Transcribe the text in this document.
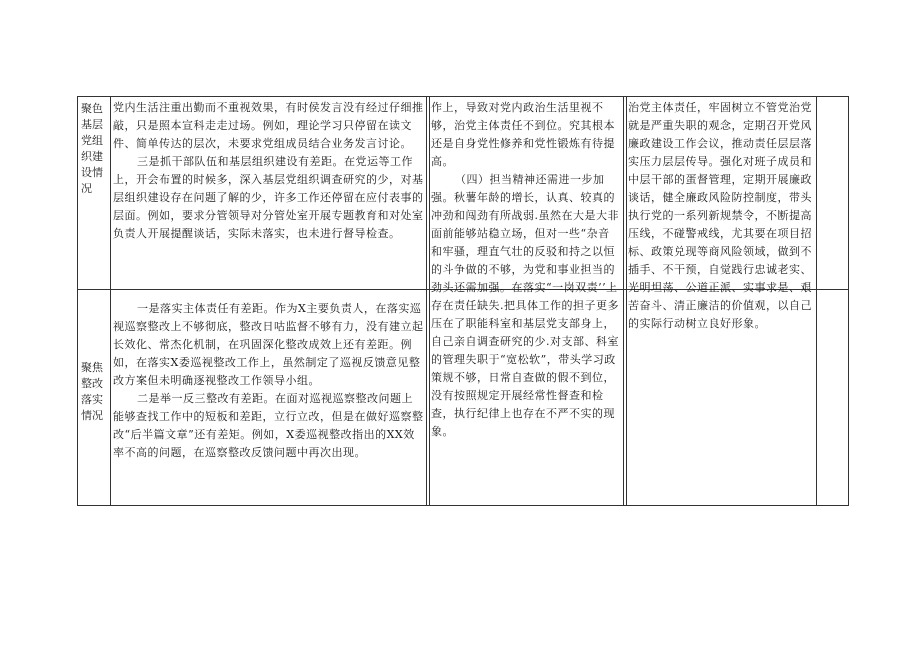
聚色基层党组织建设情况

党内生活注重出勤而不重视效果，有时侯发言没有经过仔细推敲，只是照本宣科走走过场。例如，理论学习只停留在读文件、简单传达的层次，未要求党组成员结合业务发言讨论。

三是抓干部队伍和基层组织建设有差距。在党运等工作上，开会布置的时候多，深入基层党组织调查研究的少，对基层组织建设存在问题了解的少，许多工作还停留在应付表事的层面。例如，要求分管领导对分管处室开展专题教育和对处室负责人开展提醒谈话，实际未落实，也未进行督导检查。

作上，导致对党内政治生活里视不够，治党主体责任不到位。究其根本还是自身党性修养和党性锻炼有待提高。

（四）担当精神还需进一步加强。秋薯年龄的增长，认真、较真的冲劲和闯劲有所战弱.虽然在大是大非面前能够站稳立场，但对一些“杂音和牢骚，理直气壮的反驳和持之以恒的斗争做的不够，为党和事业担当的劲头还需加强。在落实“一岗双责’’上存在责任缺失.把具体工作的担子更多压在了职能科室和基层党支部身上，自己亲自调查研究的少.对支部、科室的管理失职于“宽松软”，带头学习政策规不够，日常自查做的假不到位，没有按照规定开展经常性督查和检查，执行纪律上也存在不严不实的现象。

治党主体责任，牢固树立不管党治党就是严重失职的观念，定期召开党风廉政建设工作会议，推动责任层层落实压力层层传导。强化对班子成员和中层干部的蛋督管理，定期开展廉政谈话，健全廉政风险防控制度，带头执行党的一系列新规禁令，不断提高压线，不碰警戒线，尤其要在项目招标、政策兑现等商风险领域，做到不插手、不干预，自觉践行忠诚老实、光明坦荡、公道正派、实事求是、艰苦奋斗、清正廉洁的价值观，以自己的实际行动树立良好形象。

聚焦整改落实情况

一是落实主体责任有差距。作为X主要负责人，在落实巡视巡察整改上不够彻底，整改日咕监督不够有力，没有建立起长效化、常杰化机制，在巩固深化整改成效上还有差距。例如，在落实X委巡视整改工作上，虽然制定了巡视反馈意见整改方案但未明确逐视整改工作领导小组。

二是举一反三整改有差距。在面对巡视巡察整改问题上能够查找工作中的短板和差距，立行立改，但是在做好巡察整改“后半篇文章”还有差矩。例如，X委巡视整改指出的XX效率不高的问题，在巡察整改反馈问题中再次出现。
